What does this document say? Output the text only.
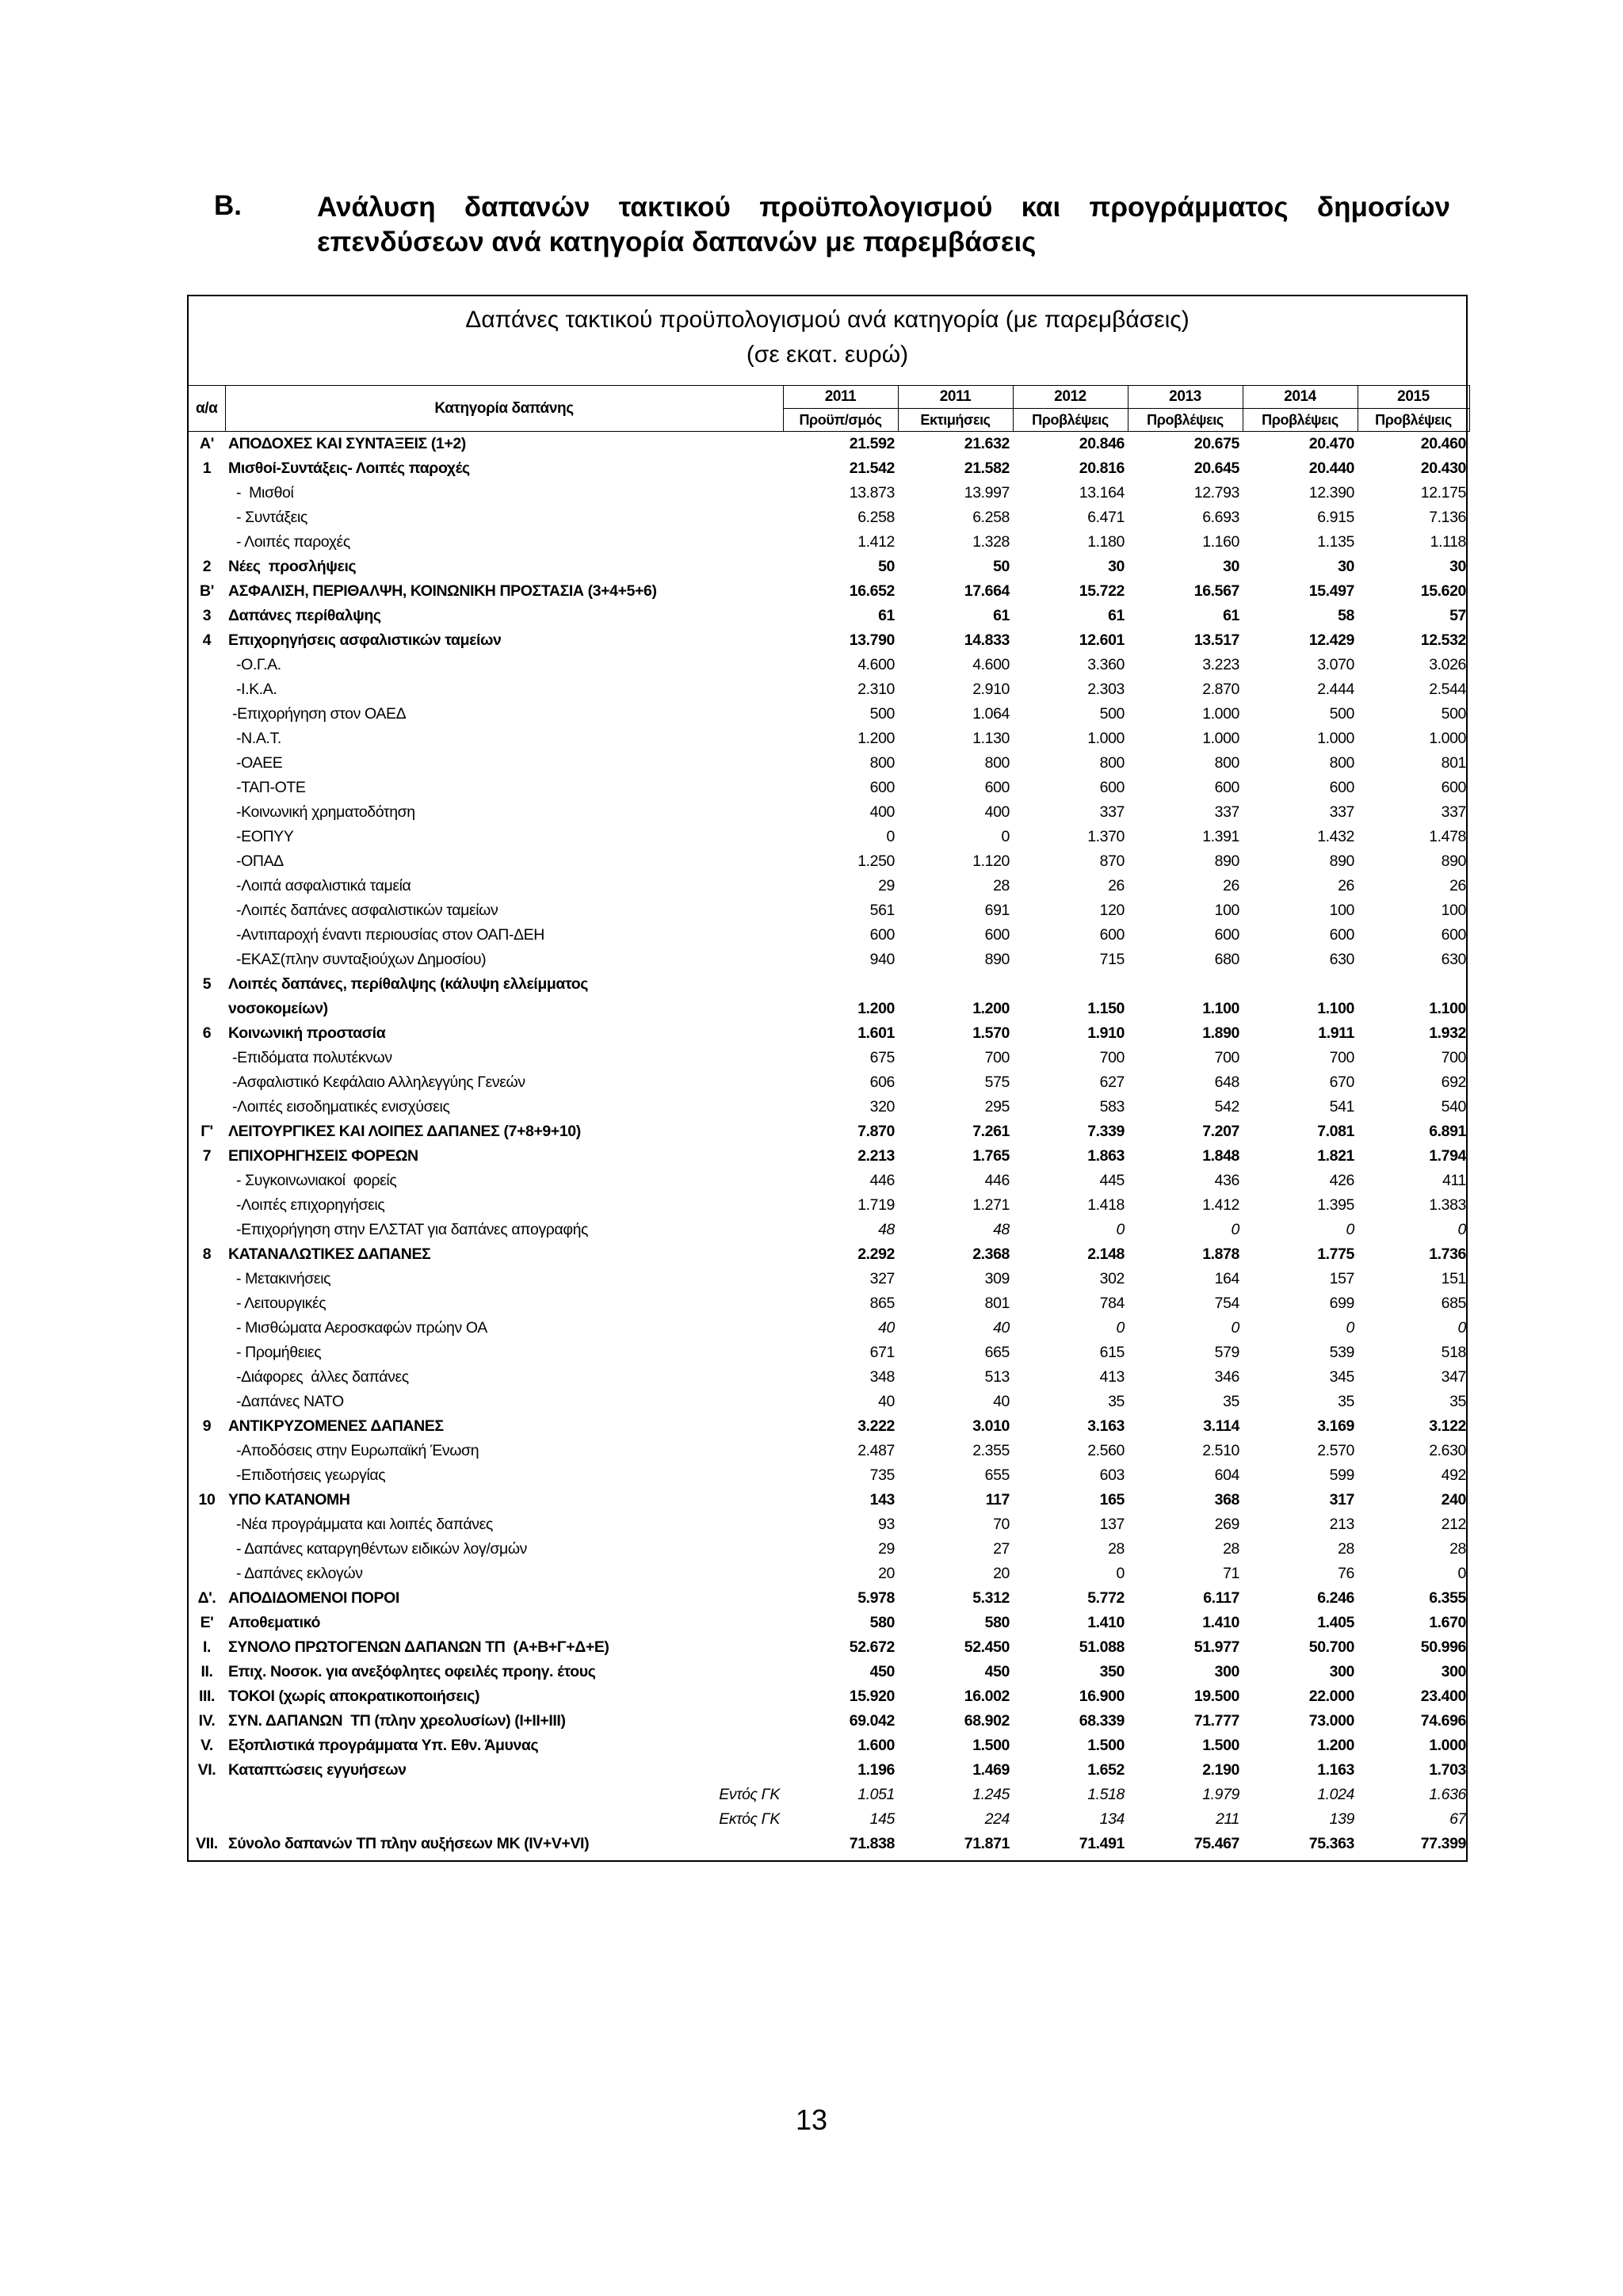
Β.	Ανάλυση δαπανών τακτικού προϋπολογισμού και προγράμματος δημοσίων επενδύσεων ανά κατηγορία δαπανών με παρεμβάσεις
Δαπάνες τακτικού προϋπολογισμού ανά κατηγορία (με παρεμβάσεις)
(σε εκατ. ευρώ)
α/α	Κατηγορία δαπάνης	2011	2011	2012	2013	2014	2015
		Προϋπ/σμός	Εκτιμήσεις	Προβλέψεις	Προβλέψεις	Προβλέψεις	Προβλέψεις
Α'	ΑΠΟΔΟΧΕΣ ΚΑΙ ΣΥΝΤΑΞΕΙΣ (1+2)	21.592	21.632	20.846	20.675	20.470	20.460
1	Μισθοί-Συντάξεις- Λοιπές παροχές	21.542	21.582	20.816	20.645	20.440	20.430
	-  Μισθοί	13.873	13.997	13.164	12.793	12.390	12.175
	- Συντάξεις	6.258	6.258	6.471	6.693	6.915	7.136
	- Λοιπές παροχές	1.412	1.328	1.180	1.160	1.135	1.118
2	Νέες  προσλήψεις	50	50	30	30	30	30
Β'	ΑΣΦΑΛΙΣΗ, ΠΕΡΙΘΑΛΨΗ, ΚΟΙΝΩΝΙΚΗ ΠΡΟΣΤΑΣΙΑ (3+4+5+6)	16.652	17.664	15.722	16.567	15.497	15.620
3	Δαπάνες περίθαλψης	61	61	61	61	58	57
4	Επιχορηγήσεις ασφαλιστικών ταμείων	13.790	14.833	12.601	13.517	12.429	12.532
	-Ο.Γ.Α.	4.600	4.600	3.360	3.223	3.070	3.026
	-Ι.Κ.Α.	2.310	2.910	2.303	2.870	2.444	2.544
	-Επιχορήγηση στον ΟΑΕΔ	500	1.064	500	1.000	500	500
	-Ν.Α.Τ.	1.200	1.130	1.000	1.000	1.000	1.000
	-ΟΑΕΕ	800	800	800	800	800	801
	-ΤΑΠ-ΟΤΕ	600	600	600	600	600	600
	-Κοινωνική χρηματοδότηση	400	400	337	337	337	337
	-ΕΟΠΥΥ	0	0	1.370	1.391	1.432	1.478
	-ΟΠΑΔ	1.250	1.120	870	890	890	890
	-Λοιπά ασφαλιστικά ταμεία	29	28	26	26	26	26
	-Λοιπές δαπάνες ασφαλιστικών ταμείων	561	691	120	100	100	100
	-Αντιπαροχή έναντι περιουσίας στον ΟΑΠ-ΔΕΗ	600	600	600	600	600	600
	-ΕΚΑΣ(πλην συνταξιούχων Δημοσίου)	940	890	715	680	630	630
5	Λοιπές δαπάνες, περίθαλψης (κάλυψη ελλείμματος						
	νοσοκομείων)	1.200	1.200	1.150	1.100	1.100	1.100
6	Κοινωνική προστασία	1.601	1.570	1.910	1.890	1.911	1.932
	-Επιδόματα πολυτέκνων	675	700	700	700	700	700
	-Ασφαλιστικό Κεφάλαιο Αλληλεγγύης Γενεών	606	575	627	648	670	692
	-Λοιπές εισοδηματικές ενισχύσεις	320	295	583	542	541	540
Γ'	ΛΕΙΤΟΥΡΓΙΚΕΣ ΚΑΙ ΛΟΙΠΕΣ ΔΑΠΑΝΕΣ (7+8+9+10)	7.870	7.261	7.339	7.207	7.081	6.891
7	ΕΠΙΧΟΡΗΓΗΣΕΙΣ ΦΟΡΕΩΝ	2.213	1.765	1.863	1.848	1.821	1.794
	- Συγκοινωνιακοί  φορείς	446	446	445	436	426	411
	-Λοιπές επιχορηγήσεις	1.719	1.271	1.418	1.412	1.395	1.383
	-Επιχορήγηση στην ΕΛΣΤΑΤ για δαπάνες απογραφής	48	48	0	0	0	0
8	ΚΑΤΑΝΑΛΩΤΙΚΕΣ ΔΑΠΑΝΕΣ	2.292	2.368	2.148	1.878	1.775	1.736
	- Μετακινήσεις	327	309	302	164	157	151
	- Λειτουργικές	865	801	784	754	699	685
	- Μισθώματα Αεροσκαφών πρώην ΟΑ	40	40	0	0	0	0
	- Προμήθειες	671	665	615	579	539	518
	-Διάφορες  άλλες δαπάνες	348	513	413	346	345	347
	-Δαπάνες ΝΑΤΟ	40	40	35	35	35	35
9	ΑΝΤΙΚΡΥΖΟΜΕΝΕΣ ΔΑΠΑΝΕΣ	3.222	3.010	3.163	3.114	3.169	3.122
	-Αποδόσεις στην Ευρωπαϊκή Ένωση	2.487	2.355	2.560	2.510	2.570	2.630
	-Επιδοτήσεις γεωργίας	735	655	603	604	599	492
10	ΥΠΟ ΚΑΤΑΝΟΜΗ	143	117	165	368	317	240
	-Νέα προγράμματα και λοιπές δαπάνες	93	70	137	269	213	212
	- Δαπάνες καταργηθέντων ειδικών λογ/σμών	29	27	28	28	28	28
	- Δαπάνες εκλογών	20	20	0	71	76	0
Δ'.	ΑΠΟΔΙΔΟΜΕΝΟΙ ΠΟΡΟΙ	5.978	5.312	5.772	6.117	6.246	6.355
Ε'	Αποθεματικό	580	580	1.410	1.410	1.405	1.670
Ι.	ΣΥΝΟΛΟ ΠΡΩΤΟΓΕΝΩΝ ΔΑΠΑΝΩΝ ΤΠ  (Α+Β+Γ+Δ+Ε)	52.672	52.450	51.088	51.977	50.700	50.996
ΙΙ.	Επιχ. Νοσοκ. για ανεξόφλητες οφειλές προηγ. έτους	450	450	350	300	300	300
ΙΙΙ.	ΤΟΚΟΙ (χωρίς αποκρατικοποιήσεις)	15.920	16.002	16.900	19.500	22.000	23.400
ΙV.	ΣΥΝ. ΔΑΠΑΝΩΝ  ΤΠ (πλην χρεολυσίων) (Ι+ΙΙ+ΙΙΙ)	69.042	68.902	68.339	71.777	73.000	74.696
V.	Εξοπλιστικά προγράμματα Υπ. Εθν. Άμυνας	1.600	1.500	1.500	1.500	1.200	1.000
VI.	Καταπτώσεις εγγυήσεων	1.196	1.469	1.652	2.190	1.163	1.703
	Εντός ΓΚ	1.051	1.245	1.518	1.979	1.024	1.636
	Εκτός ΓΚ	145	224	134	211	139	67
VII.	Σύνολο δαπανών ΤΠ πλην αυξήσεων ΜΚ (IV+V+VI)	71.838	71.871	71.491	75.467	75.363	77.399
13
